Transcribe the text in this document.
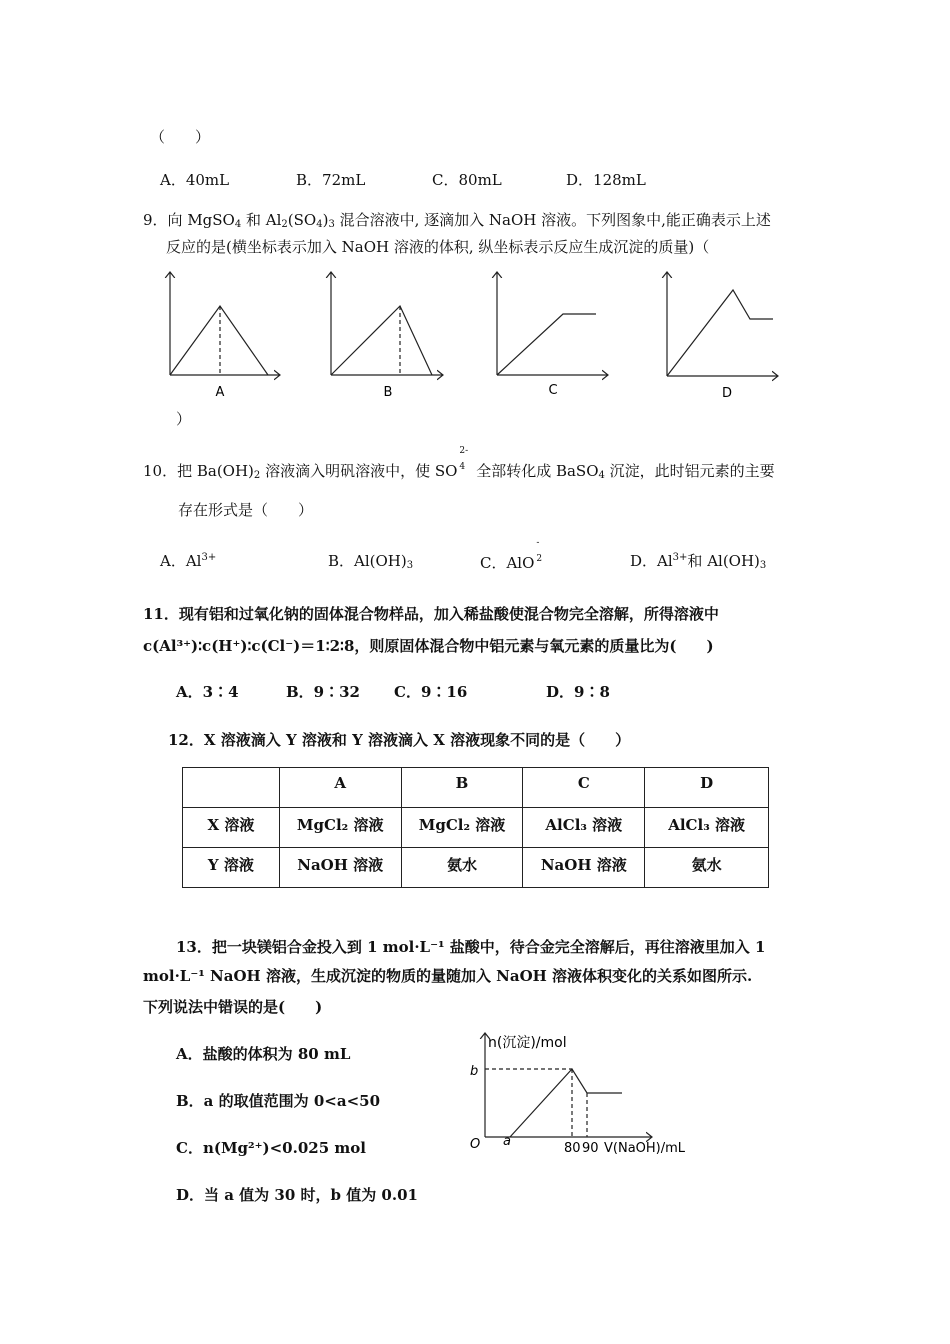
（　　）
A．40mL	B．72mL	C．80mL	D．128mL
9．向 MgSO$_4$ 和 $Al_2(SO_4)_3$ 混合溶液中, 逐滴加入 NaOH 溶液。下列图象中,能正确表示上述
反应的是(横坐标表示加入 NaOH 溶液的体积, 纵坐标表示反应生成沉淀的质量)（
A	B	C	D
）
10．把 $Ba(OH)_2$ 溶液滴入明矾溶液中，使 SO
2-
4 全部转化成 BaSO$_4$ 沉淀，此时铝元素的主要
存在形式是（　　）
A．$Al^{3+}$	B．$Al(OH)_3$	C．AlO
-
2	D．$Al^{3+}$和 $Al(OH)_3$
11．现有铝和过氧化钠的固体混合物样品，加入稀盐酸使混合物完全溶解，所得溶液中
c(Al³⁺)∶c(H⁺)∶c(Cl⁻)＝1∶2∶8，则原固体混合物中铝元素与氧元素的质量比为(　　)
A．3∶4	B．9∶32 C．9∶16	D．9∶8
12．X 溶液滴入 Y 溶液和 Y 溶液滴入 X 溶液现象不同的是（　　）
	A	B	C	D
X 溶液	MgCl₂ 溶液	MgCl₂ 溶液	AlCl₃ 溶液	AlCl₃ 溶液
Y 溶液	NaOH 溶液	氨水	NaOH 溶液	氨水
13．把一块镁铝合金投入到 1 mol·L⁻¹ 盐酸中，待合金完全溶解后，再往溶液里加入 1
mol·L⁻¹ NaOH 溶液，生成沉淀的物质的量随加入 NaOH 溶液体积变化的关系如图所示.
下列说法中错误的是(　　)
A．盐酸的体积为 80 mL
B．a 的取值范围为 0<a<50
C．n(Mg²⁺)<0.025 mol
D．当 a 值为 30 时，b 值为 0.01
n(沉淀)/mol
b
O a	80 90 V(NaOH)/mL
